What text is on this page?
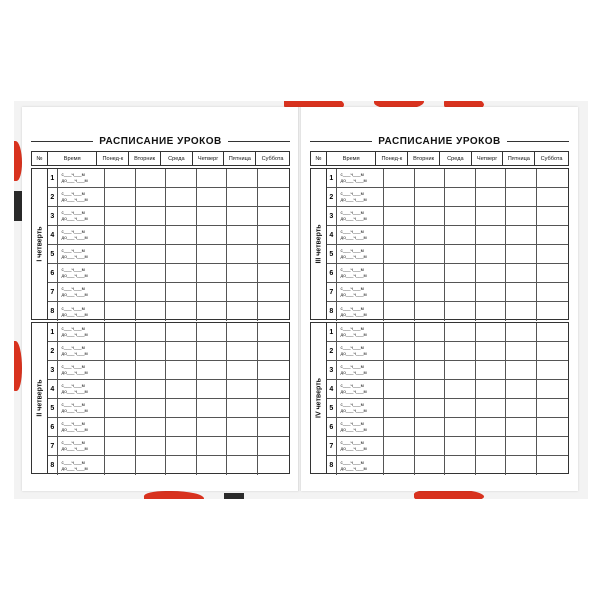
РАСПИСАНИЕ УРОКОВ
№	Время	Понед-к	Вторник	Среда	Четверг	Пятница	Суббота
I четверть
1	с___ч___м
до___ч___м
2	с___ч___м
до___ч___м
3	с___ч___м
до___ч___м
4	с___ч___м
до___ч___м
5	с___ч___м
до___ч___м
6	с___ч___м
до___ч___м
7	с___ч___м
до___ч___м
8	с___ч___м
до___ч___м
II четверть
1	с___ч___м
до___ч___м
2	с___ч___м
до___ч___м
3	с___ч___м
до___ч___м
4	с___ч___м
до___ч___м
5	с___ч___м
до___ч___м
6	с___ч___м
до___ч___м
7	с___ч___м
до___ч___м
8	с___ч___м
до___ч___м
РАСПИСАНИЕ УРОКОВ
№	Время	Понед-к	Вторник	Среда	Четверг	Пятница	Суббота
III четверть
1	с___ч___м
до___ч___м
2	с___ч___м
до___ч___м
3	с___ч___м
до___ч___м
4	с___ч___м
до___ч___м
5	с___ч___м
до___ч___м
6	с___ч___м
до___ч___м
7	с___ч___м
до___ч___м
8	с___ч___м
до___ч___м
IV четверть
1	с___ч___м
до___ч___м
2	с___ч___м
до___ч___м
3	с___ч___м
до___ч___м
4	с___ч___м
до___ч___м
5	с___ч___м
до___ч___м
6	с___ч___м
до___ч___м
7	с___ч___м
до___ч___м
8	с___ч___м
до___ч___м
